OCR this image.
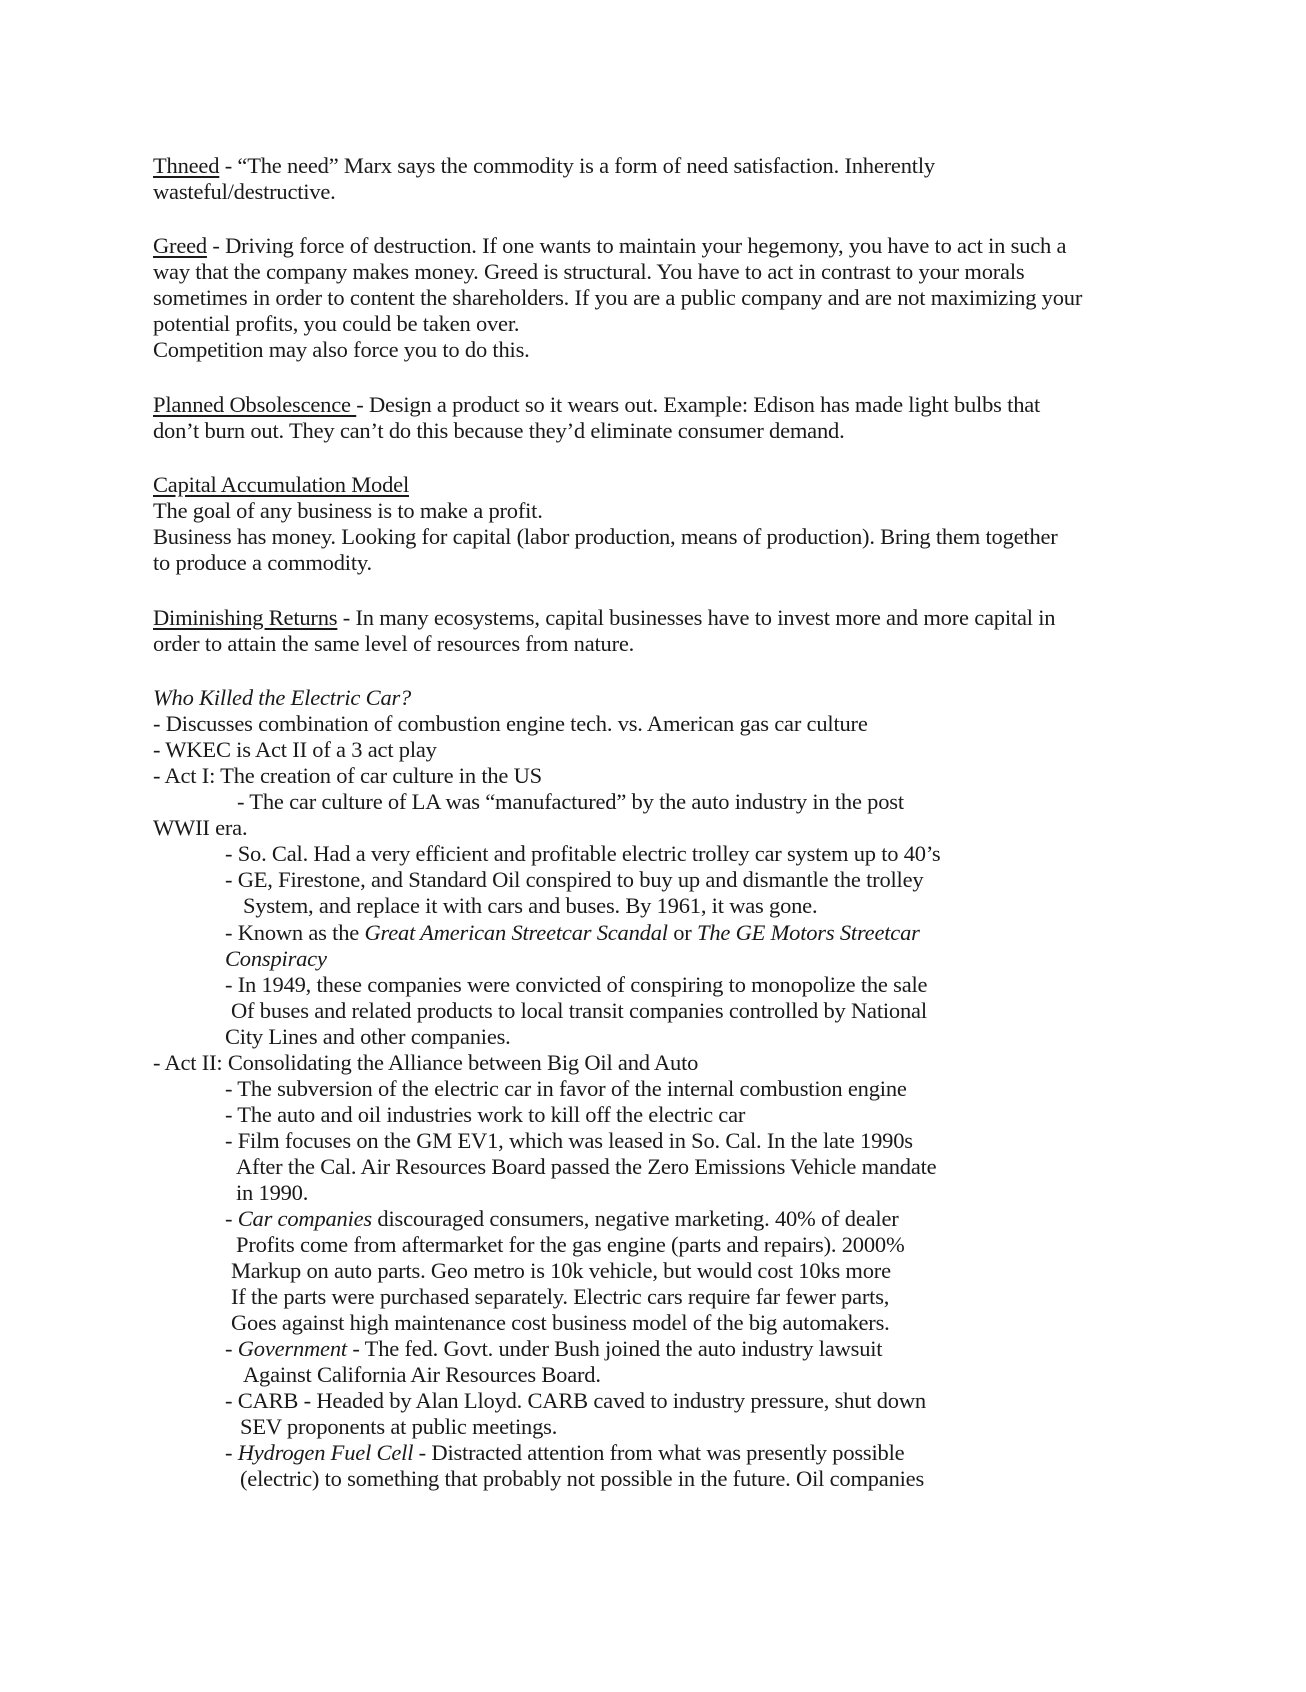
Thneed - “The need” Marx says the commodity is a form of need satisfaction. Inherently
wasteful/destructive.
Greed - Driving force of destruction. If one wants to maintain your hegemony, you have to act in such a
way that the company makes money. Greed is structural. You have to act in contrast to your morals
sometimes in order to content the shareholders. If you are a public company and are not maximizing your
potential profits, you could be taken over.
Competition may also force you to do this.
Planned Obsolescence - Design a product so it wears out. Example: Edison has made light bulbs that
don’t burn out. They can’t do this because they’d eliminate consumer demand.
Capital Accumulation Model
The goal of any business is to make a profit.
Business has money. Looking for capital (labor production, means of production). Bring them together
to produce a commodity.
Diminishing Returns - In many ecosystems, capital businesses have to invest more and more capital in
order to attain the same level of resources from nature.
Who Killed the Electric Car?
- Discusses combination of combustion engine tech. vs. American gas car culture
- WKEC is Act II of a 3 act play
- Act I: The creation of car culture in the US
- The car culture of LA was “manufactured” by the auto industry in the post
WWII era.
- So. Cal. Had a very efficient and profitable electric trolley car system up to 40’s
- GE, Firestone, and Standard Oil conspired to buy up and dismantle the trolley
System, and replace it with cars and buses. By 1961, it was gone.
- Known as the Great American Streetcar Scandal or The GE Motors Streetcar
Conspiracy
- In 1949, these companies were convicted of conspiring to monopolize the sale
Of buses and related products to local transit companies controlled by National
City Lines and other companies.
- Act II: Consolidating the Alliance between Big Oil and Auto
- The subversion of the electric car in favor of the internal combustion engine
- The auto and oil industries work to kill off the electric car
- Film focuses on the GM EV1, which was leased in So. Cal. In the late 1990s
After the Cal. Air Resources Board passed the Zero Emissions Vehicle mandate
in 1990.
- Car companies discouraged consumers, negative marketing. 40% of dealer
Profits come from aftermarket for the gas engine (parts and repairs). 2000%
Markup on auto parts. Geo metro is 10k vehicle, but would cost 10ks more
If the parts were purchased separately. Electric cars require far fewer parts,
Goes against high maintenance cost business model of the big automakers.
- Government - The fed. Govt. under Bush joined the auto industry lawsuit
Against California Air Resources Board.
- CARB - Headed by Alan Lloyd. CARB caved to industry pressure, shut down
SEV proponents at public meetings.
- Hydrogen Fuel Cell - Distracted attention from what was presently possible
(electric) to something that probably not possible in the future. Oil companies
